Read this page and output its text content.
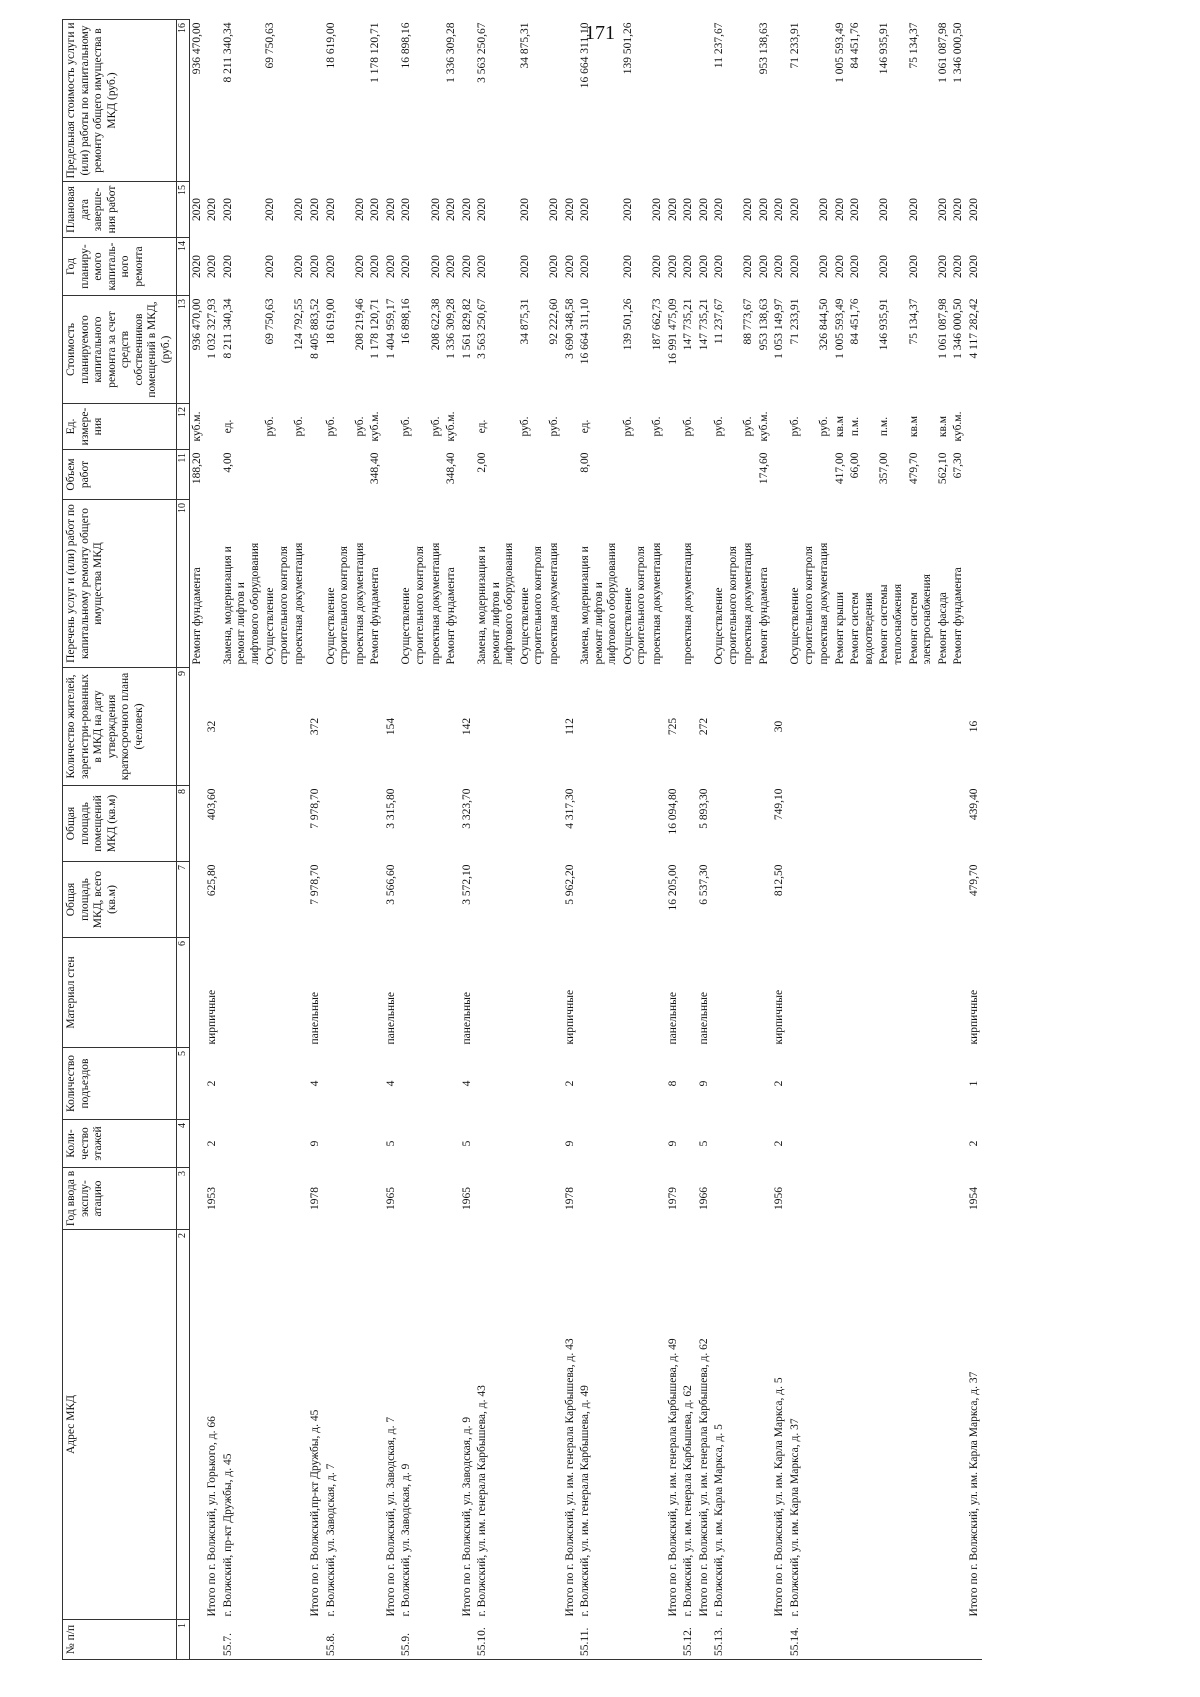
171
№ п/п	Адрес МКД	Год ввода в эксплу-атацию	Коли-чество этажей	Количество подъездов	Материал стен	Общая площадь МКД, всего (кв.м)	Общая площадь помещений МКД (кв.м)	Количество жителей, зарегистри-рованных в МКД на дату утверждения краткосрочного плана (человек)	Перечень услуг и (или) работ по капитальному ремонту общего имущества МКД	Объем работ	Ед. измере-ния	Стоимость планируемого капитального ремонта за счет средств собственников помещений в МКД, (руб.)	Год планиру-емого капиталь-ного ремонта	Плановая дата заверше-ния работ	Предельная стоимость услуги и (или) работы по капитальному ремонту общего имущества в МКД (руб.)
1	2	3	4	5	6	7	8	9	10	11	12	13	14	15	16

									Ремонт фундамента	188,20	куб.м.	936 470,00	2020	2020	936 470,00
	Итого по г. Волжский, ул. Горького, д. 66	1953	2	2	кирпичные	625,80	403,60	32				1 032 327,93	2020	2020	
55.7.	г. Волжский, пр-кт Дружбы, д. 45								Замена, модернизация и ремонт лифтов и лифтового оборудования	4,00	ед.	8 211 340,34	2020	2020	8 211 340,34

									Осуществление строительного контроля		руб.	69 750,63	2020	2020	69 750,63

									проектная документация		руб.	124 792,55	2020	2020	
	Итого по г. Волжский,пр-кт Дружбы, д. 45	1978	9	4	панельные	7 978,70	7 978,70	372				8 405 883,52	2020	2020	
55.8.	г. Волжский, ул. Заводская, д. 7								Осуществление строительного контроля		руб.	18 619,00	2020	2020	18 619,00

									проектная документация		руб.	208 219,46	2020	2020	

									Ремонт фундамента	348,40	куб.м.	1 178 120,71	2020	2020	1 178 120,71
	Итого по г. Волжский, ул. Заводская, д. 7	1965	5	4	панельные	3 566,60	3 315,80	154				1 404 959,17	2020	2020	
55.9.	г. Волжский, ул. Заводская, д. 9								Осуществление строительного контроля		руб.	16 898,16	2020	2020	16 898,16

									проектная документация		руб.	208 622,38	2020	2020	

									Ремонт фундамента	348,40	куб.м.	1 336 309,28	2020	2020	1 336 309,28
	Итого по г. Волжский, ул. Заводская, д. 9	1965	5	4	панельные	3 572,10	3 323,70	142				1 561 829,82	2020	2020	
55.10.	г. Волжский, ул. им. генерала Карбышева, д. 43								Замена, модернизация и ремонт лифтов и лифтового оборудования	2,00	ед.	3 563 250,67	2020	2020	3 563 250,67

									Осуществление строительного контроля		руб.	34 875,31	2020	2020	34 875,31

									проектная документация		руб.	92 222,60	2020	2020	
	Итого по г. Волжский, ул. им. генерала Карбышева, д. 43	1978	9	2	кирпичные	5 962,20	4 317,30	112				3 690 348,58	2020	2020	
55.11.	г. Волжский, ул. им. генерала Карбышева, д. 49								Замена, модернизация и ремонт лифтов и лифтового оборудования	8,00	ед.	16 664 311,10	2020	2020	16 664 311,10

									Осуществление строительного контроля		руб.	139 501,26	2020	2020	139 501,26

									проектная документация		руб.	187 662,73	2020	2020	
	Итого по г. Волжский, ул. им. генерала Карбышева, д. 49	1979	9	8	панельные	16 205,00	16 094,80	725				16 991 475,09	2020	2020	
55.12.	г. Волжский, ул. им. генерала Карбышева, д. 62								проектная документация		руб.	147 735,21	2020	2020	
	Итого по г. Волжский, ул. им. генерала Карбышева, д. 62	1966	5	9	панельные	6 537,30	5 893,30	272				147 735,21	2020	2020	
55.13.	г. Волжский, ул. им. Карла Маркса, д. 5								Осуществление строительного контроля		руб.	11 237,67	2020	2020	11 237,67

									проектная документация		руб.	88 773,67	2020	2020	

									Ремонт фундамента	174,60	куб.м.	953 138,63	2020	2020	953 138,63
	Итого по г. Волжский, ул. им. Карла Маркса, д. 5	1956	2	2	кирпичные	812,50	749,10	30				1 053 149,97	2020	2020	
55.14.	г. Волжский, ул. им. Карла Маркса, д. 37								Осуществление строительного контроля		руб.	71 233,91	2020	2020	71 233,91

									проектная документация		руб.	326 844,50	2020	2020	

									Ремонт крыши	417,00	кв.м	1 005 593,49	2020	2020	1 005 593,49

									Ремонт систем водоотведения	66,00	п.м.	84 451,76	2020	2020	84 451,76

									Ремонт системы теплоснабжения	357,00	п.м.	146 935,91	2020	2020	146 935,91

									Ремонт систем электроснабжения	479,70	кв.м	75 134,37	2020	2020	75 134,37

									Ремонт фасада	562,10	кв.м	1 061 087,98	2020	2020	1 061 087,98

									Ремонт фундамента	67,30	куб.м.	1 346 000,50	2020	2020	1 346 000,50
	Итого по г. Волжский, ул. им. Карла Маркса, д. 37	1954	2	1	кирпичные	479,70	439,40	16				4 117 282,42	2020	2020	
